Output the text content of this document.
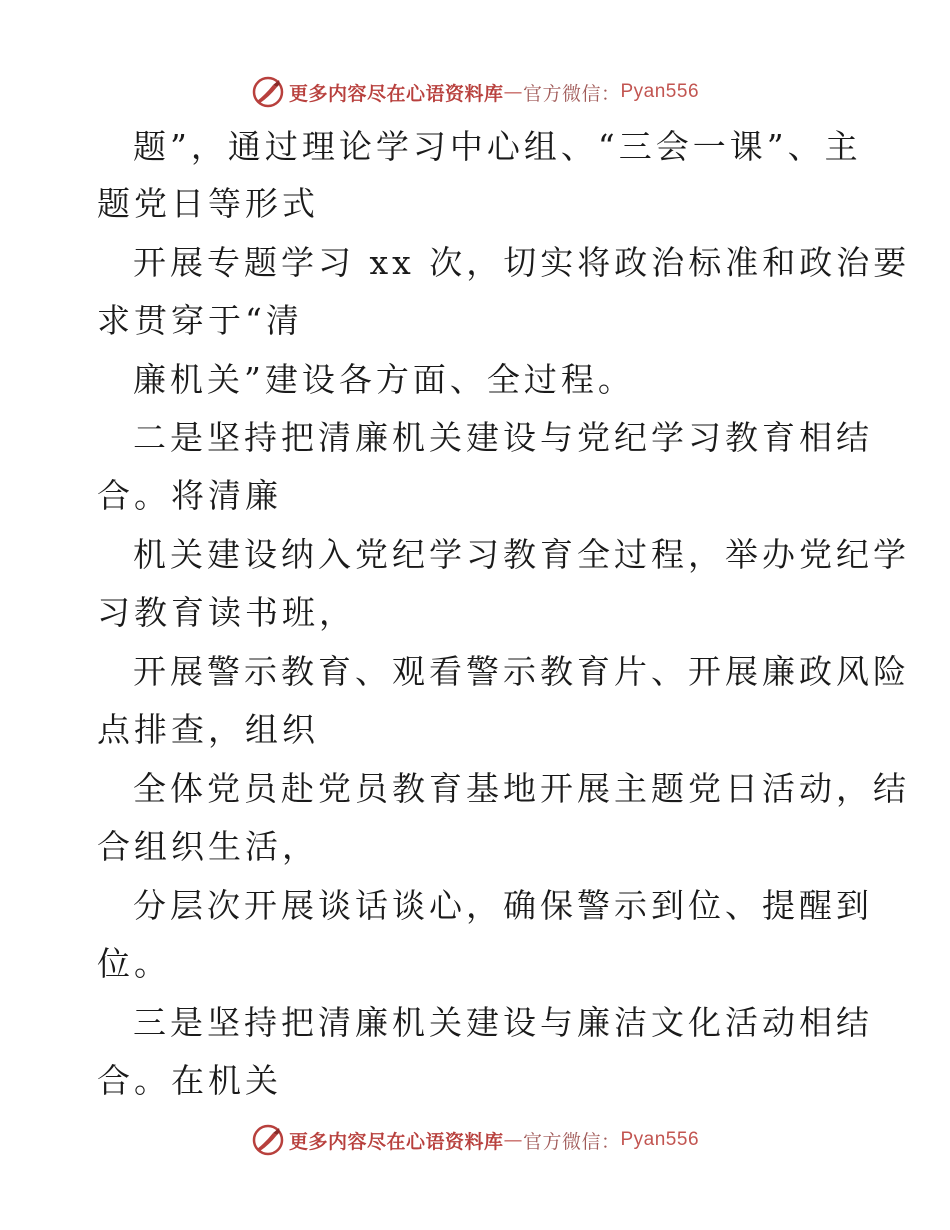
更多内容尽在心语资料库 — 官方微信： Pyan556
题”，通过理论学习中心组、“三会一课”、主
题党日等形式
开展专题学习 xx 次，切实将政治标准和政治要
求贯穿于“清
廉机关”建设各方面、全过程。
二是坚持把清廉机关建设与党纪学习教育相结
合。将清廉
机关建设纳入党纪学习教育全过程，举办党纪学
习教育读书班，
开展警示教育、观看警示教育片、开展廉政风险
点排查，组织
全体党员赴党员教育基地开展主题党日活动，结
合组织生活，
分层次开展谈话谈心，确保警示到位、提醒到
位。
三是坚持把清廉机关建设与廉洁文化活动相结
合。在机关
更多内容尽在心语资料库 — 官方微信： Pyan556
